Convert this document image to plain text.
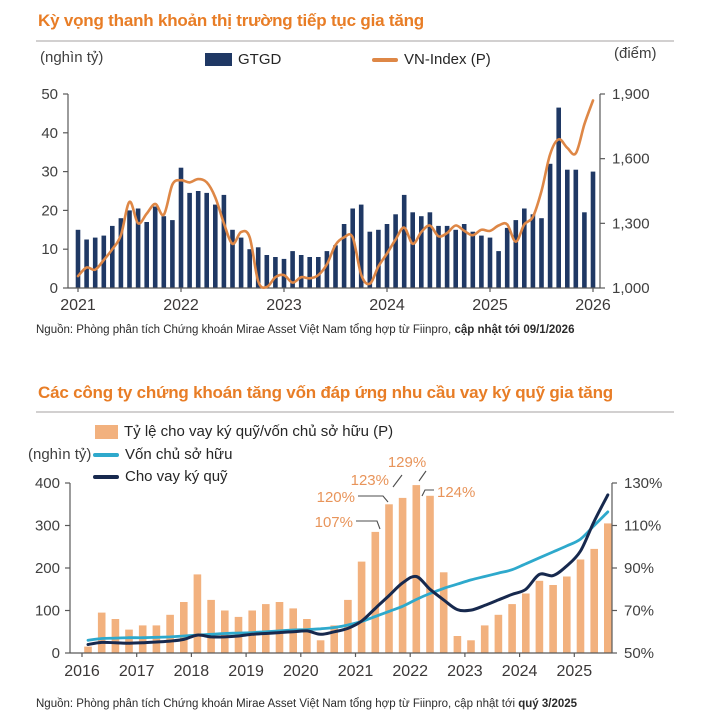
Kỳ vọng thanh khoản thị trường tiếp tục gia tăng
(nghìn tỷ)	GTGD	VN-Index (P)	(điểm)
0
10
20
30
40
50
1,000
1,300
1,600
1,900
2021	2022	2023	2024	2025	2026

Nguồn: Phòng phân tích Chứng khoán Mirae Asset Việt Nam tổng hợp từ Fiinpro, cập nhật tới 09/1/2026

Các công ty chứng khoán tăng vốn đáp ứng nhu cầu vay ký quỹ gia tăng
Tỷ lệ cho vay ký quỹ/vốn chủ sở hữu (P)
(nghìn tỷ) Vốn chủ sở hữu
Cho vay ký quỹ
0
100
200
300
400
50%
70%
90%
110%
130%
2016 2017 2018 2019 2020 2021 2022 2023 2024 2025
107%
120%
123%
129%
124%

Nguồn: Phòng phân tích Chứng khoán Mirae Asset Việt Nam tổng hợp từ Fiinpro, cập nhật tới quý 3/2025
